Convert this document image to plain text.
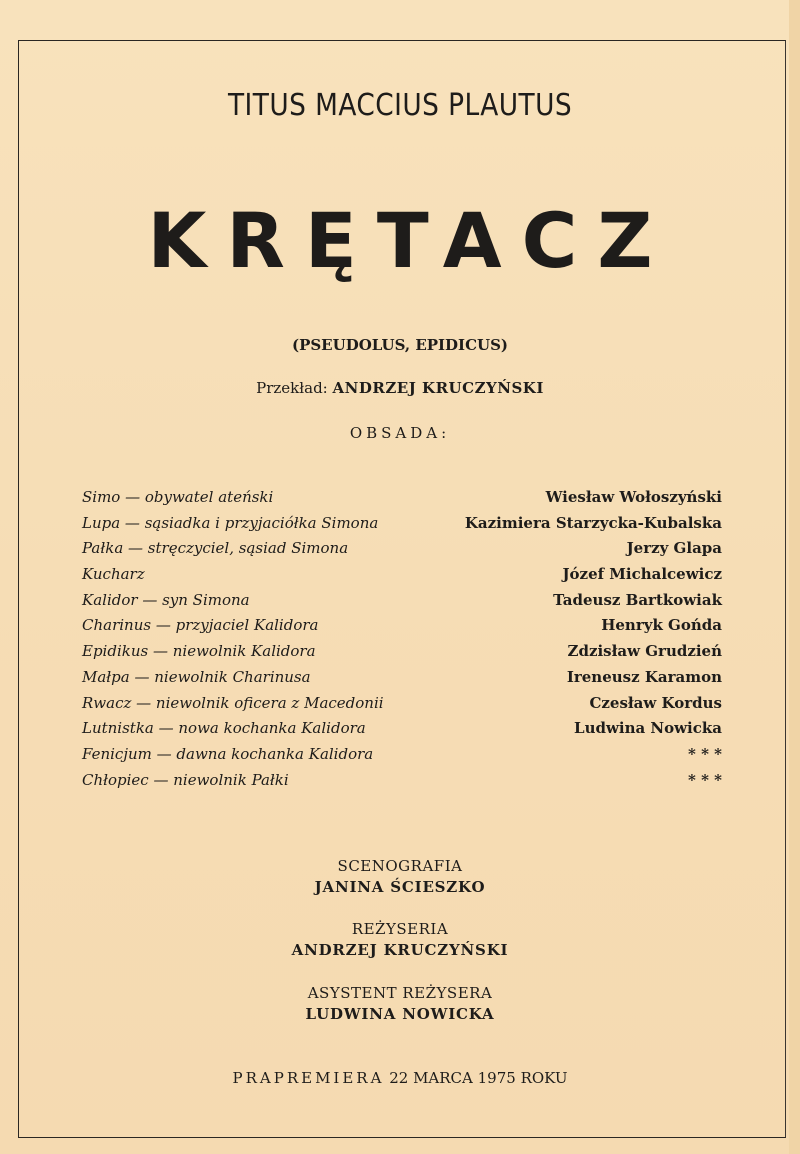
TITUS MACCIUS PLAUTUS
KRĘTACZ
(PSEUDOLUS, EPIDICUS)
Przekład: ANDRZEJ KRUCZYŃSKI
OBSADA:
Simo — obywatel ateński	Wiesław Wołoszyński
Lupa — sąsiadka i przyjaciółka Simona	Kazimiera Starzycka-Kubalska
Pałka — stręczyciel, sąsiad Simona	Jerzy Glapa
Kucharz	Józef Michalcewicz
Kalidor — syn Simona	Tadeusz Bartkowiak
Charinus — przyjaciel Kalidora	Henryk Gońda
Epidikus — niewolnik Kalidora	Zdzisław Grudzień
Małpa — niewolnik Charinusa	Ireneusz Karamon
Rwacz — niewolnik oficera z Macedonii	Czesław Kordus
Lutnistka — nowa kochanka Kalidora	Ludwina Nowicka
Fenicjum — dawna kochanka Kalidora	* * *
Chłopiec — niewolnik Pałki	* * *
SCENOGRAFIA
JANINA ŚCIESZKO
REŻYSERIA
ANDRZEJ KRUCZYŃSKI
ASYSTENT REŻYSERA
LUDWINA NOWICKA
PRAPREMIERA 22 MARCA 1975 ROKU
